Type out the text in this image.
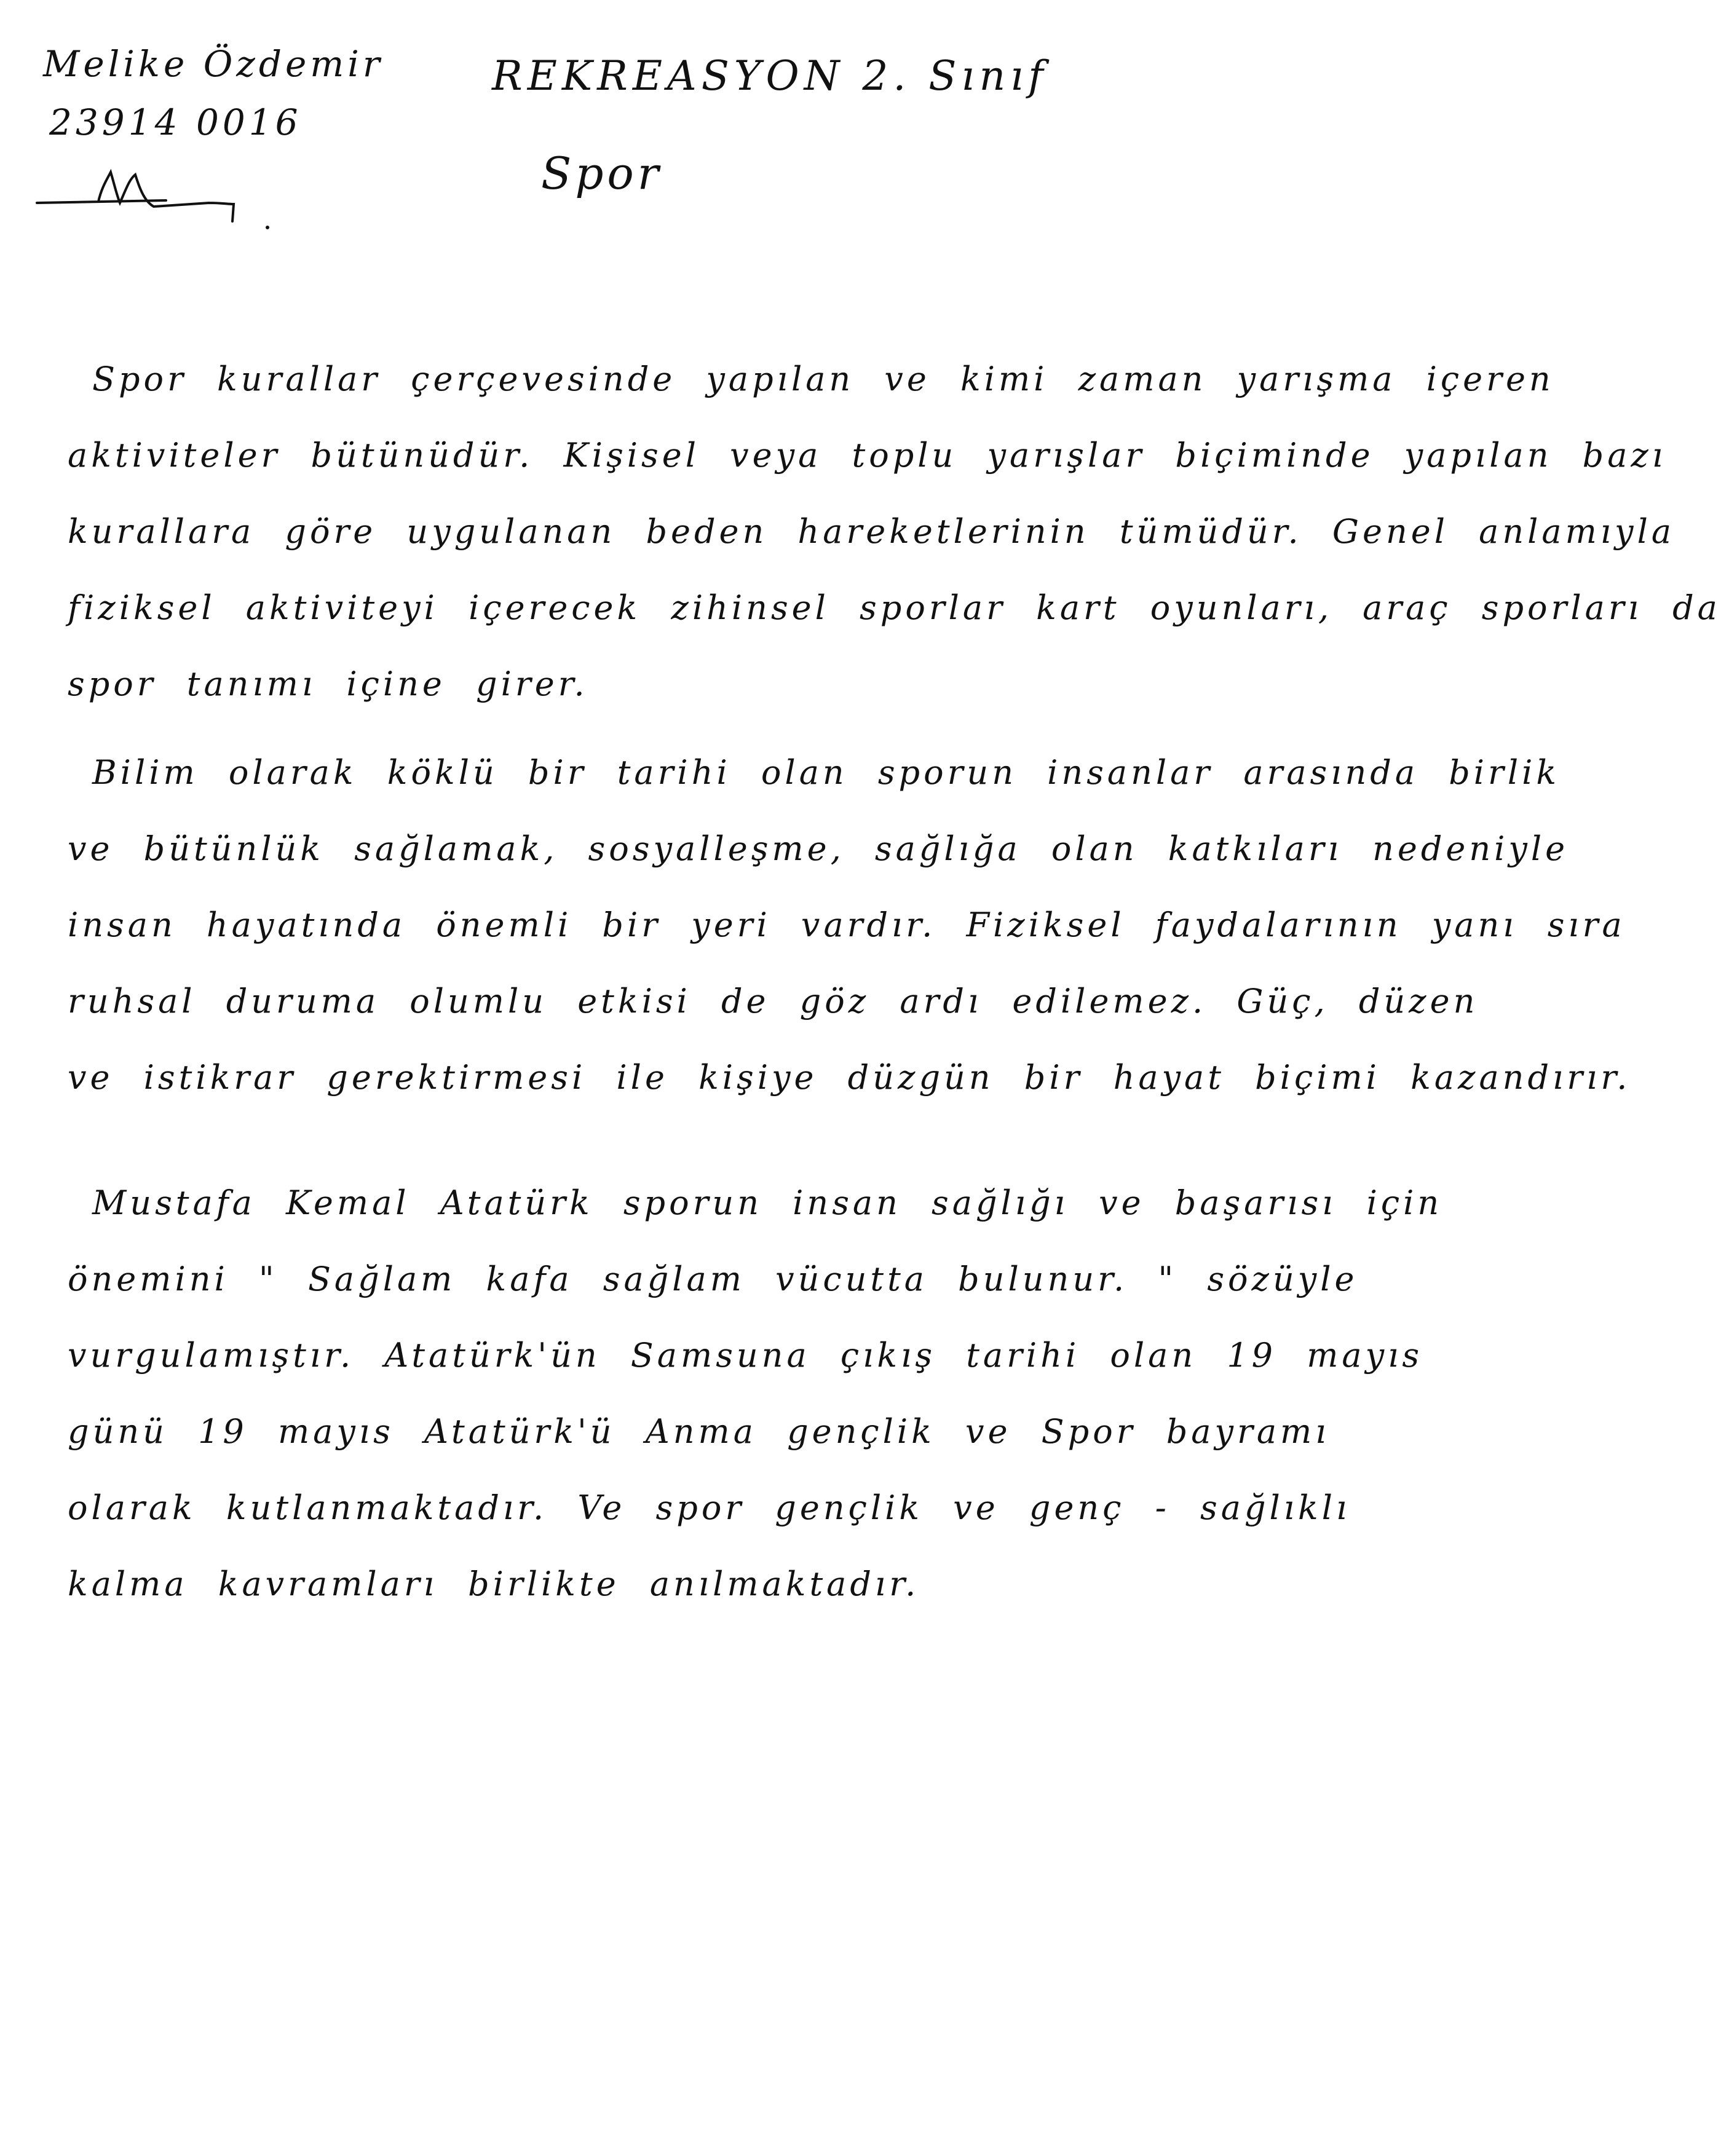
Melike Özdemir
23914 0016
REKREASYON 2. Sınıf
Spor
Spor kurallar çerçevesinde yapılan ve kimi zaman yarışma içeren
aktiviteler bütünüdür. Kişisel veya toplu yarışlar biçiminde yapılan bazı
kurallara göre uygulanan beden hareketlerinin tümüdür. Genel anlamıyla
fiziksel aktiviteyi içerecek zihinsel sporlar kart oyunları, araç sporları da
spor tanımı içine girer.
Bilim olarak köklü bir tarihi olan sporun insanlar arasında birlik
ve bütünlük sağlamak, sosyalleşme, sağlığa olan katkıları nedeniyle
insan hayatında önemli bir yeri vardır. Fiziksel faydalarının yanı sıra
ruhsal duruma olumlu etkisi de göz ardı edilemez. Güç, düzen
ve istikrar gerektirmesi ile kişiye düzgün bir hayat biçimi kazandırır.
Mustafa Kemal Atatürk sporun insan sağlığı ve başarısı için
önemini " Sağlam kafa sağlam vücutta bulunur. " sözüyle
vurgulamıştır. Atatürk'ün Samsuna çıkış tarihi olan 19 mayıs
günü 19 mayıs Atatürk'ü Anma gençlik ve Spor bayramı
olarak kutlanmaktadır. Ve spor gençlik ve genç - sağlıklı
kalma kavramları birlikte anılmaktadır.
